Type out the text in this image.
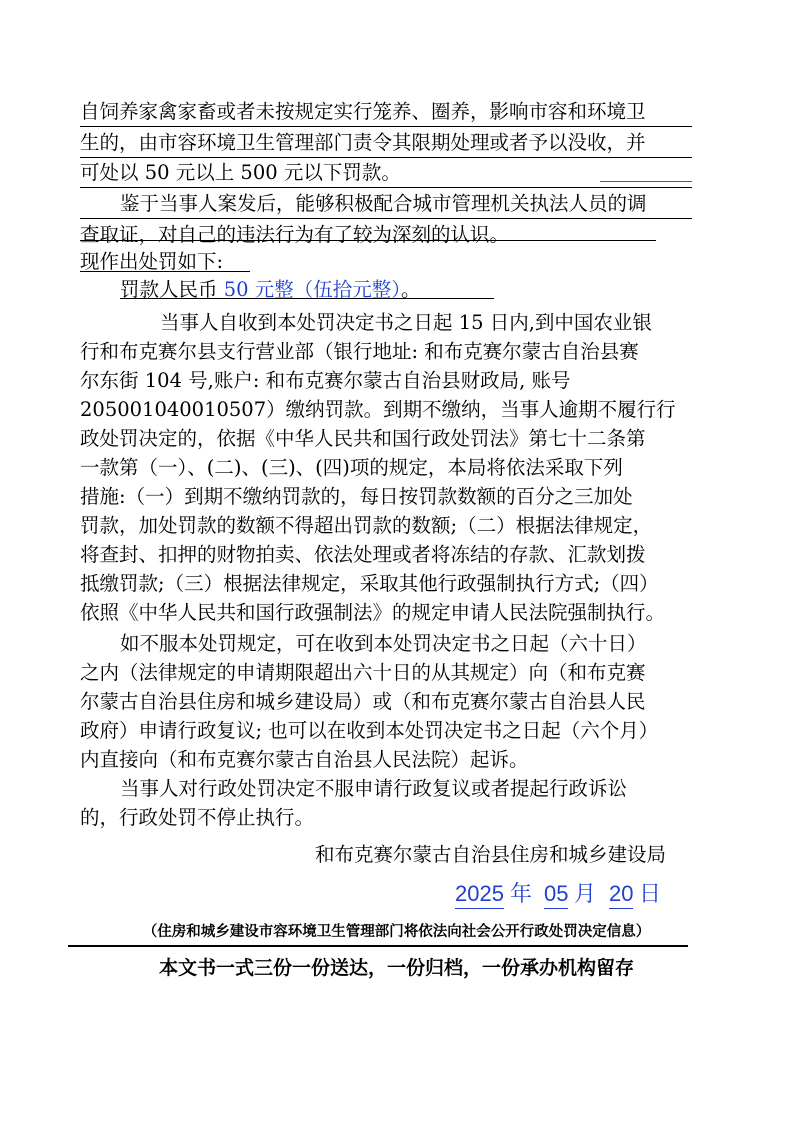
自饲养家禽家畜或者未按规定实行笼养、圈养，影响市容和环境卫
生的，由市容环境卫生管理部门责令其限期处理或者予以没收，并
可处以 50 元以上 500 元以下罚款。
鉴于当事人案发后，能够积极配合城市管理机关执法人员的调
查取证，对自己的违法行为有了较为深刻的认识。
现作出处罚如下:
罚款人民币 50 元整（伍拾元整）。
当事人自收到本处罚决定书之日起 15 日内,到中国农业银
行和布克赛尔县支行营业部（银行地址: 和布克赛尔蒙古自治县赛
尔东街 104 号,账户: 和布克赛尔蒙古自治县财政局, 账号
205001040010507）缴纳罚款。到期不缴纳，当事人逾期不履行行
政处罚决定的，依据《中华人民共和国行政处罚法》第七十二条第
一款第（一）、(二)、(三)、(四)项的规定，本局将依法采取下列
措施:（一）到期不缴纳罚款的，每日按罚款数额的百分之三加处
罚款，加处罚款的数额不得超出罚款的数额;（二）根据法律规定，
将查封、扣押的财物拍卖、依法处理或者将冻结的存款、汇款划拨
抵缴罚款;（三）根据法律规定，采取其他行政强制执行方式;（四）
依照《中华人民共和国行政强制法》的规定申请人民法院强制执行。
如不服本处罚规定，可在收到本处罚决定书之日起（六十日）
之内（法律规定的申请期限超出六十日的从其规定）向（和布克赛
尔蒙古自治县住房和城乡建设局）或（和布克赛尔蒙古自治县人民
政府）申请行政复议; 也可以在收到本处罚决定书之日起（六个月）
内直接向（和布克赛尔蒙古自治县人民法院）起诉。
当事人对行政处罚决定不服申请行政复议或者提起行政诉讼
的，行政处罚不停止执行。
和布克赛尔蒙古自治县住房和城乡建设局
2025 年 05 月 20 日
（住房和城乡建设市容环境卫生管理部门将依法向社会公开行政处罚决定信息）
本文书一式三份一份送达，一份归档，一份承办机构留存
